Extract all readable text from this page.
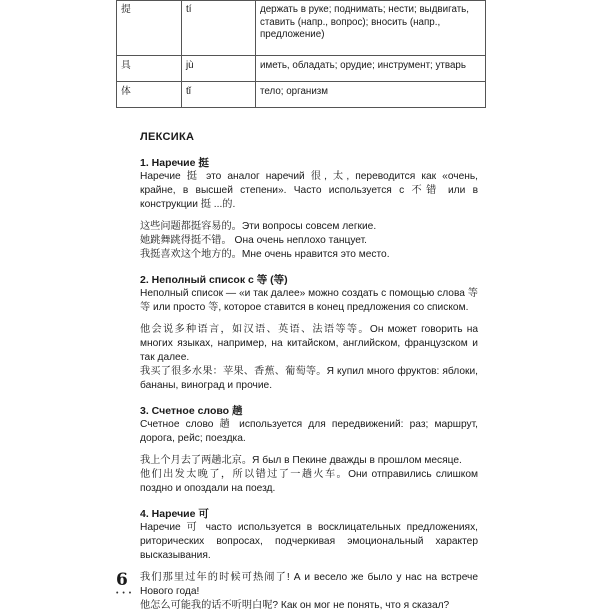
提	tí	держать в руке; поднимать; нести; выдвигать, ставить (напр., вопрос); вносить (напр., предложение)
具	jù	иметь, обладать; орудие; инструмент; утварь
体	tǐ	тело; организм

ЛЕКСИКА

1. Наречие 挺

Наречие 挺 это аналог наречий 很, 太, переводится как «очень, крайне, в высшей степени». Часто используется с 不错 или в конструкции 挺 ...的.

这些问题都挺容易的。Эти вопросы совсем легкие.

她跳舞跳得挺不错。 Она очень неплохо танцует.

我挺喜欢这个地方的。Мне очень нравится это место.

2. Неполный список с 等 (等)

Неполный список — «и так далее» можно создать с помощью слова 等等 или просто 等, которое ставится в конец предложения со списком.

他会说多种语言，如汉语、英语、法语等等。Он может говорить на многих языках, например, на китайском, английском, французском и так далее.

我买了很多水果：苹果、香蕉、葡萄等。Я купил много фруктов: яблоки, бананы, виноград и прочие.

3. Счетное слово 趟

Счетное слово 趟 используется для передвижений: раз; маршрут, дорога, рейс; поездка.

我上个月去了两趟北京。Я был в Пекине дважды в прошлом месяце.

他们出发太晚了，所以错过了一趟火车。Они отправились слишком поздно и опоздали на поезд.

4. Наречие 可

Наречие 可 часто используется в восклицательных предложениях, риторических вопросах, подчеркивая эмоциональный характер высказывания.

我们那里过年的时候可热闹了! А и весело же было у нас на встрече Нового года!

他怎么可能我的话不听明白呢? Как он мог не понять, что я сказал?

6
• • •
